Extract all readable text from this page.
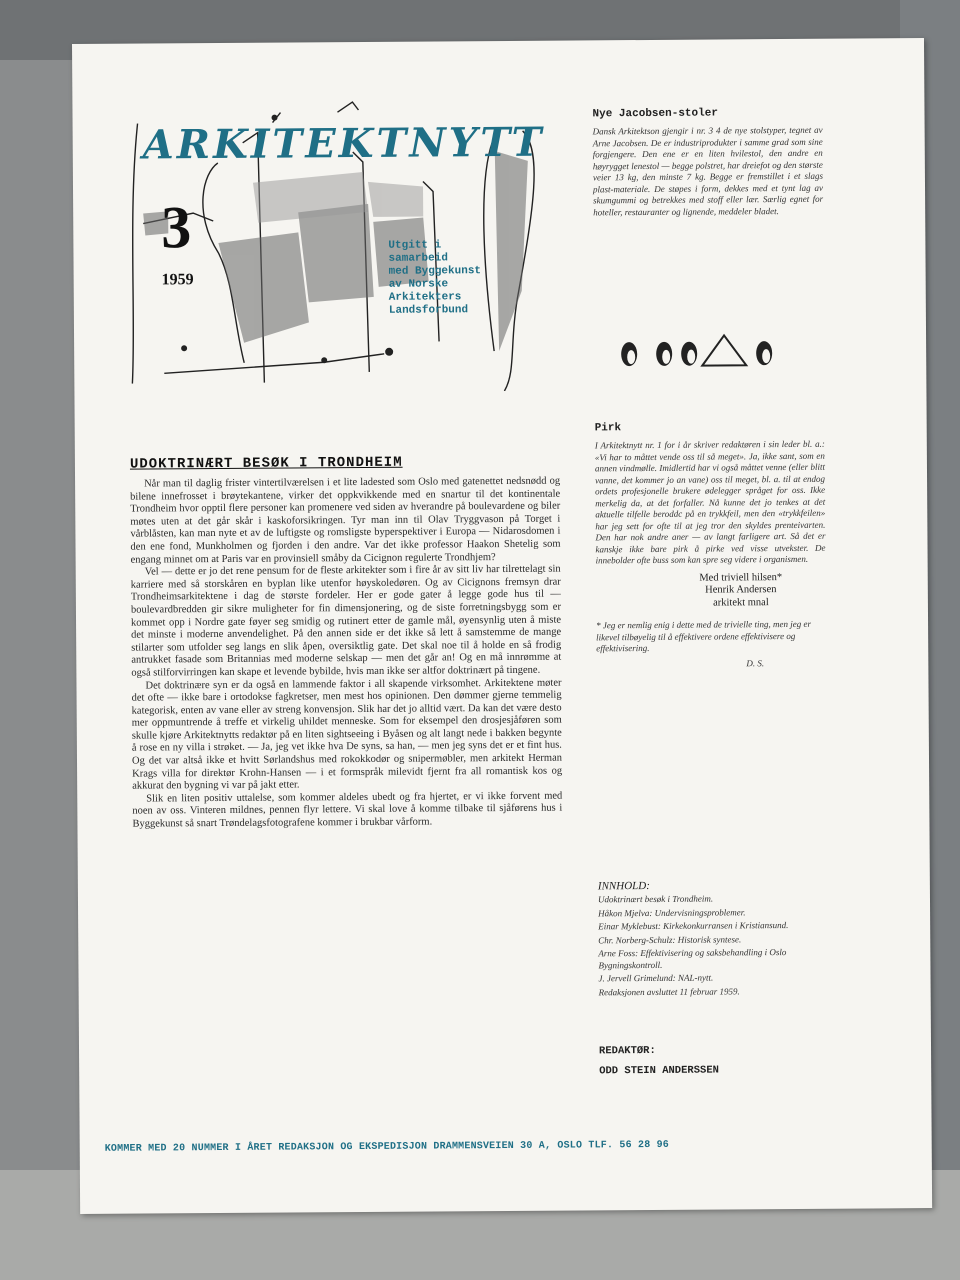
ARKITEKTNYTT
3
1959
Utgitt i
samarbeid
med Byggekunst
av Norske
Arkitekters
Landsforbund
Nye Jacobsen-stoler
Dansk Arkitektson gjengir i nr. 3 4 de nye stolstyper, tegnet av Arne Jacobsen. De er industriprodukter i samme grad som sine forgjengere. Den ene er en liten hvilestol, den andre en høyrygget lenestol — begge polstret, har dreiefot og den største veier 13 kg, den minste 7 kg. Begge er fremstillet i et slags plast-materiale. De støpes i form, dekkes med et tynt lag av skumgummi og betrekkes med stoff eller lær. Særlig egnet for hoteller, restauranter og lignende, meddeler bladet.
Pirk
I Arkitektnytt nr. 1 for i år skriver redaktøren i sin leder bl. a.: «Vi har to måttet vende oss til så meget». Ja, ikke sant, som en annen vindmølle. Imidlertid har vi også måttet venne (eller blitt vanne, det kommer jo an vane) oss til meget, bl. a. til at endog ordets profesjonelle brukere ødelegger språget for oss. Ikke merkelig da, at det forfaller. Nå kunne det jo tenkes at det aktuelle tilfelle beroddc på en trykkfeil, men den «trykkfeilen» har jeg sett for ofte til at jeg tror den skyldes prenteivarten. Den har nok andre aner — av langt farligere art. Så det er kanskje ikke bare pirk å pirke ved visse utvekster. De innebolder ofte buss som kan spre seg videre i organismen.
Med triviell hilsen*
Henrik Andersen
arkitekt mnal
* Jeg er nemlig enig i dette med de trivielle ting, men jeg er likevel tilbøyelig til å effektivere ordene effektivisere og effektivisering.
D. S.
INNHOLD:
Udoktrinært besøk i Trondheim.
Håkon Mjelva: Undervisningsproblemer.
Einar Myklebust: Kirkekonkurransen i Kristiansund.
Chr. Norberg-Schulz: Historisk syntese.
Arne Foss: Effektivisering og saksbehandling i Oslo Bygningskontroll.
J. Jervell Grimelund: NAL-nytt.
Redaksjonen avsluttet 11 februar 1959.
REDAKTØR:
ODD STEIN ANDERSSEN
UDOKTRINÆRT BESØK I TRONDHEIM

Når man til daglig frister vintertilværelsen i et lite ladested som Oslo med gatenettet nedsnødd og bilene innefrosset i brøytekantene, virker det oppkvikkende med en snartur til det kontinentale Trondheim hvor opptil flere personer kan promenere ved siden av hverandre på boulevardene og biler møtes uten at det går skår i kaskoforsikringen. Tyr man inn til Olav Tryggvason på Torget i vårblåsten, kan man nyte et av de luftigste og romsligste byperspektiver i Europa — Nidarosdomen i den ene fond, Munkholmen og fjorden i den andre. Var det ikke professor Haakon Shetelig som engang minnet om at Paris var en provinsiell småby da Cicignon regulerte Trondhjem?

Vel — dette er jo det rene pensum for de fleste arkitekter som i fire år av sitt liv har tilrettelagt sin karriere med så storskåren en byplan like utenfor høyskoledøren. Og av Cicignons fremsyn drar Trondheimsarkitektene i dag de største fordeler. Her er gode gater å legge gode hus til — boulevardbredden gir sikre muligheter for fin dimensjonering, og de siste forretningsbygg som er kommet opp i Nordre gate føyer seg smidig og rutinert etter de gamle mål, øyensynlig uten å miste det minste i moderne anvendelighet. På den annen side er det ikke så lett å samstemme de mange stilarter som utfolder seg langs en slik åpen, oversiktlig gate. Det skal noe til å holde en så frodig antrukket fasade som Britannias med moderne selskap — men det går an! Og en må innrømme at også stilforvirringen kan skape et levende bybilde, hvis man ikke ser altfor doktrinært på tingene.

Det doktrinære syn er da også en lammende faktor i all skapende virksomhet. Arkitektene møter det ofte — ikke bare i ortodokse fagkretser, men mest hos opinionen. Den dømmer gjerne temmelig kategorisk, enten av vane eller av streng konvensjon. Slik har det jo alltid vært. Da kan det være desto mer oppmuntrende å treffe et virkelig uhildet menneske. Som for eksempel den drosjesjåføren som skulle kjøre Arkitektnytts redaktør på en liten sightseeing i Byåsen og alt langt nede i bakken begynte å rose en ny villa i strøket. — Ja, jeg vet ikke hva De syns, sa han, — men jeg syns det er et fint hus. Og det var altså ikke et hvitt Sørlandshus med rokokkodør og snipermøbler, men arkitekt Herman Krags villa for direktør Krohn-Hansen — i et formspråk milevidt fjernt fra all romantisk kos og akkurat den bygning vi var på jakt etter.

Slik en liten positiv uttalelse, som kommer aldeles ubedt og fra hjertet, er vi ikke forvent med noen av oss. Vinteren mildnes, pennen flyr lettere. Vi skal love å komme tilbake til sjåførens hus i Byggekunst så snart Trøndelagsfotografene kommer i brukbar vårform.

KOMMER MED 20 NUMMER I ÅRET REDAKSJON OG EKSPEDISJON DRAMMENSVEIEN 30 A, OSLO TLF. 56 28 96
